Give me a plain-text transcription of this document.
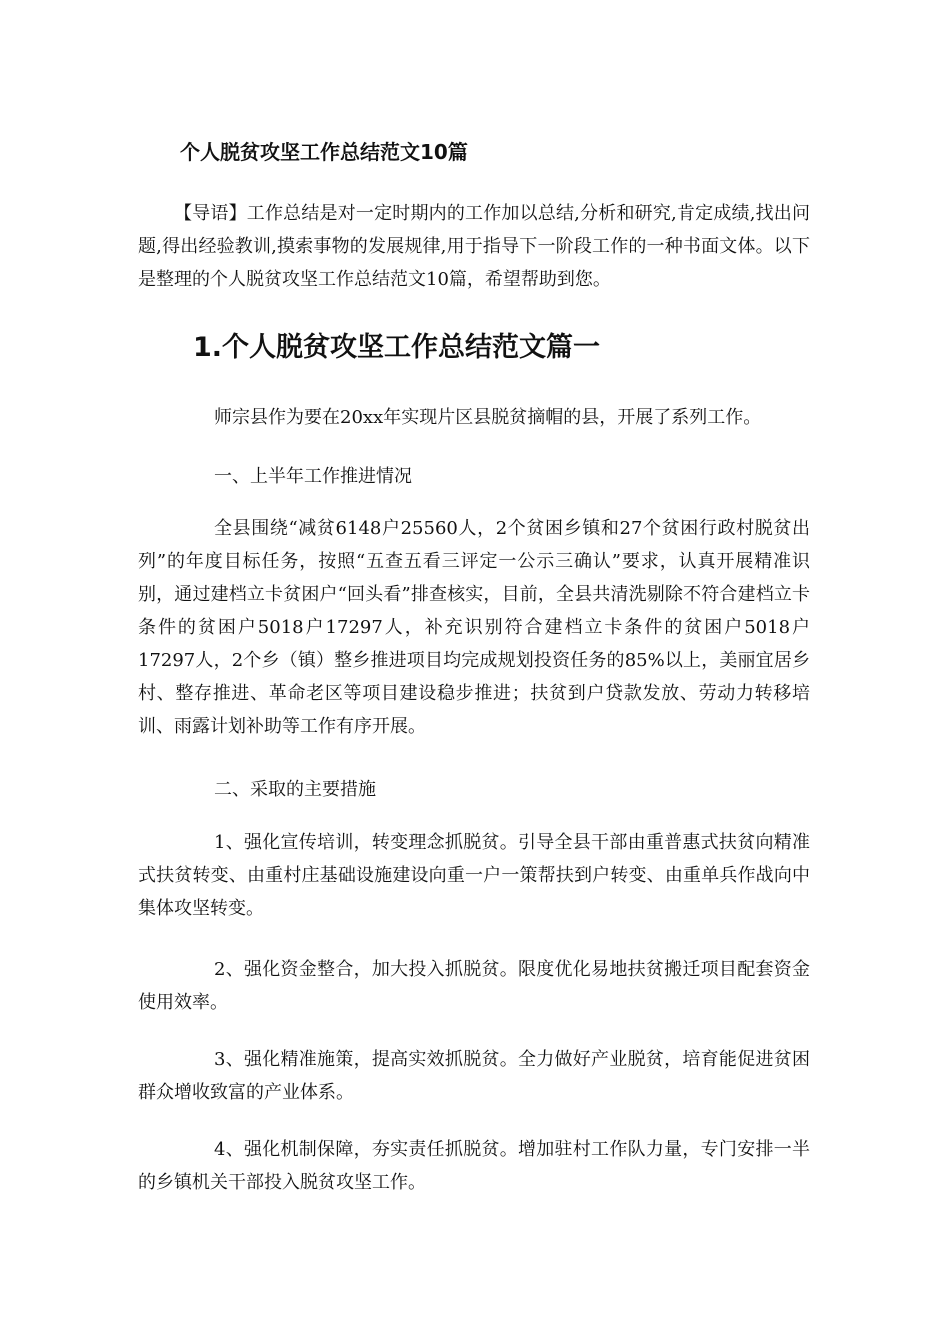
个人脱贫攻坚工作总结范文10篇

【导语】工作总结是对一定时期内的工作加以总结,分析和研究,肯定成绩,找出问题,得出经验教训,摸索事物的发展规律,用于指导下一阶段工作的一种书面文体。以下是整理的个人脱贫攻坚工作总结范文10篇，希望帮助到您。

1.个人脱贫攻坚工作总结范文篇一

师宗县作为要在20xx年实现片区县脱贫摘帽的县，开展了系列工作。

一、上半年工作推进情况

全县围绕“减贫6148户25560人，2个贫困乡镇和27个贫困行政村脱贫出列”的年度目标任务，按照“五查五看三评定一公示三确认”要求，认真开展精准识别，通过建档立卡贫困户“回头看”排查核实，目前，全县共清洗剔除不符合建档立卡条件的贫困户5018户17297人，补充识别符合建档立卡条件的贫困户5018户17297人，2个乡（镇）整乡推进项目均完成规划投资任务的85%以上，美丽宜居乡村、整存推进、革命老区等项目建设稳步推进；扶贫到户贷款发放、劳动力转移培训、雨露计划补助等工作有序开展。

二、采取的主要措施

1、强化宣传培训，转变理念抓脱贫。引导全县干部由重普惠式扶贫向精准式扶贫转变、由重村庄基础设施建设向重一户一策帮扶到户转变、由重单兵作战向中集体攻坚转变。

2、强化资金整合，加大投入抓脱贫。限度优化易地扶贫搬迁项目配套资金使用效率。

3、强化精准施策，提高实效抓脱贫。全力做好产业脱贫，培育能促进贫困群众增收致富的产业体系。

4、强化机制保障，夯实责任抓脱贫。增加驻村工作队力量，专门安排一半的乡镇机关干部投入脱贫攻坚工作。
